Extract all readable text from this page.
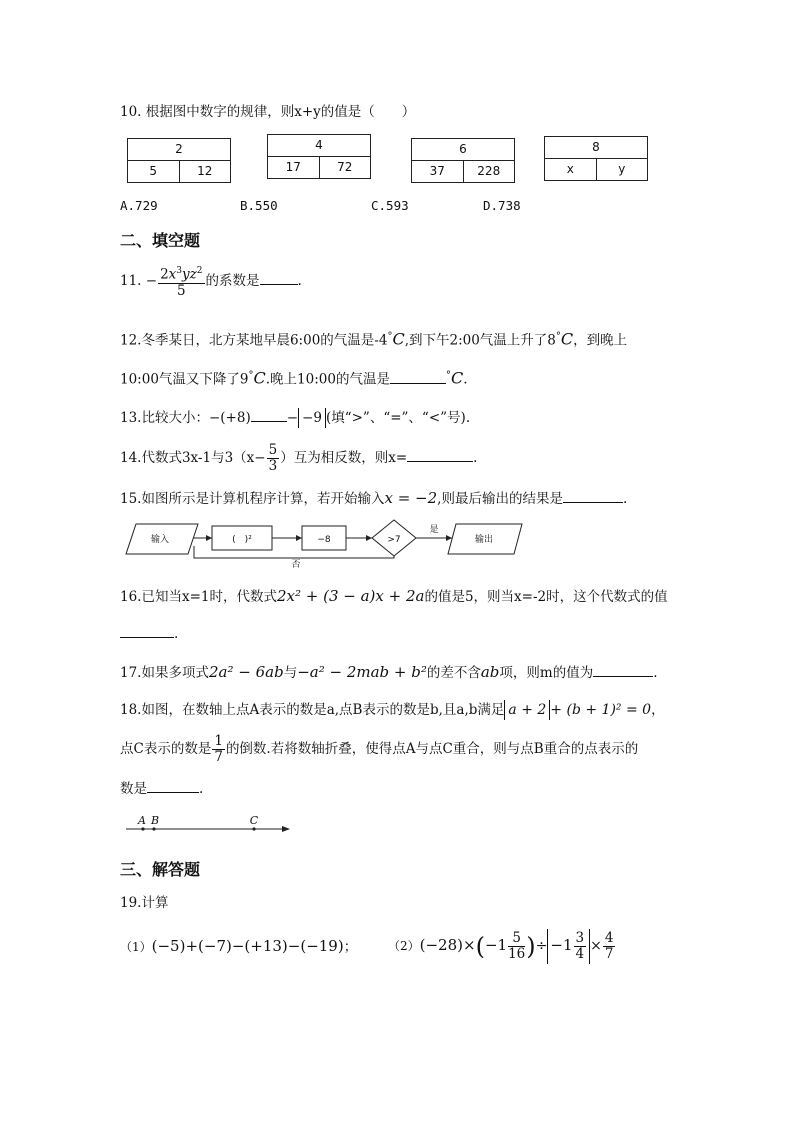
10. 根据图中数字的规律，则x+y的值是（　　）
2
5	12
4
17	72
6
37	228
8
x	y
A.729	B.550	C.593	D.738
二、填空题
11. − $\frac{2x^3yz^2}{5}$ 的系数是	.
12.冬季某日，北方某地早晨6:00的气温是-4°C,到下午2:00气温上升了8°C，到晚上
10:00气温又下降了9°C.晚上10:00的气温是	°C.
13.比较大小：−(+8)	− −9 (填“>”、“=”、“<”号).
14.代数式3x-1与$3(x- \frac{5}{3}$ ）互为相反数，则x=	.
15.如图所示是计算机程序计算，若开始输入x = −2,则最后输出的结果是	.
输入	(　)²	−8	>7
是
否
输出
16.已知当x=1时，代数式2x² + (3 − a)x + 2a的值是5，则当x=-2时，这个代数式的值
.
17.如果多项式2a² − 6ab与−a² − 2mab + b²的差不含ab项，则m的值为	.
18.如图，在数轴上点A表示的数是a,点B表示的数是b,且a,b满足 a + 2 + (b + 1)² = 0，
点C表示的数是 $\frac{1}{7}$ 的倒数.若将数轴折叠，使得点A与点C重合，则与点B重合的点表示的
数是	.
A B	C
三、解答题
19.计算
（1）(−5)+(−7)−(+13)−(−19)；	$(2)(-28)\times(-1 \frac{5}{16}$ )÷ $-1 \frac{3}{4} \times \frac{4}{7}$
